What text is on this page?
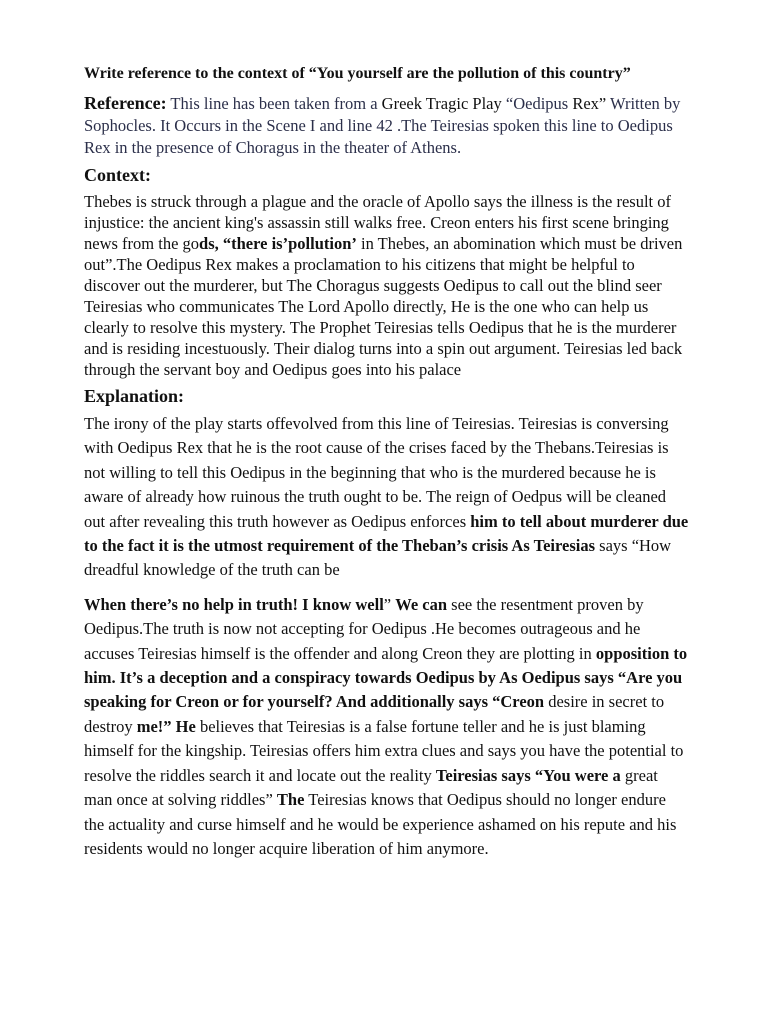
Write reference to the context of “You yourself are the pollution of this country”

Reference: This line has been taken from a Greek Tragic Play “Oedipus Rex” Written by Sophocles. It Occurs in the Scene I and line 42 .The Teiresias spoken this line to Oedipus Rex in the presence of Choragus in the theater of Athens.

Context:

Thebes is struck through a plague and the oracle of Apollo says the illness is the result of injustice: the ancient king's assassin still walks free. Creon enters his first scene bringing news from the gods, “there is’pollution’ in Thebes, an abomination which must be driven out”.The Oedipus Rex makes a proclamation to his citizens that might be helpful to discover out the murderer, but The Choragus suggests Oedipus to call out the blind seer Teiresias who communicates The Lord Apollo directly, He is the one who can help us clearly to resolve this mystery. The Prophet Teiresias tells Oedipus that he is the murderer and is residing incestuously. Their dialog turns into a spin out argument. Teiresias led back through the servant boy and Oedipus goes into his palace

Explanation:

The irony of the play starts offevolved from this line of Teiresias. Teiresias is conversing with Oedipus Rex that he is the root cause of the crises faced by the Thebans.Teiresias is not willing to tell this Oedipus in the beginning that who is the murdered because he is aware of already how ruinous the truth ought to be. The reign of Oedpus will be cleaned out after revealing this truth however as Oedipus enforces him to tell about murderer due to the fact it is the utmost requirement of the Theban’s crisis As Teiresias says “How dreadful knowledge of the truth can be

When there’s no help in truth! I know well” We can see the resentment proven by Oedipus.The truth is now not accepting for Oedipus .He becomes outrageous and he accuses Teiresias himself is the offender and along Creon they are plotting in opposition to him. It’s a deception and a conspiracy towards Oedipus by As Oedipus says “Are you speaking for Creon or for yourself? And additionally says “Creon desire in secret to destroy me!” He believes that Teiresias is a false fortune teller and he is just blaming himself for the kingship. Teiresias offers him extra clues and says you have the potential to resolve the riddles search it and locate out the reality Teiresias says “You were a great man once at solving riddles” The Teiresias knows that Oedipus should no longer endure the actuality and curse himself and he would be experience ashamed on his repute and his residents would no longer acquire liberation of him anymore.
